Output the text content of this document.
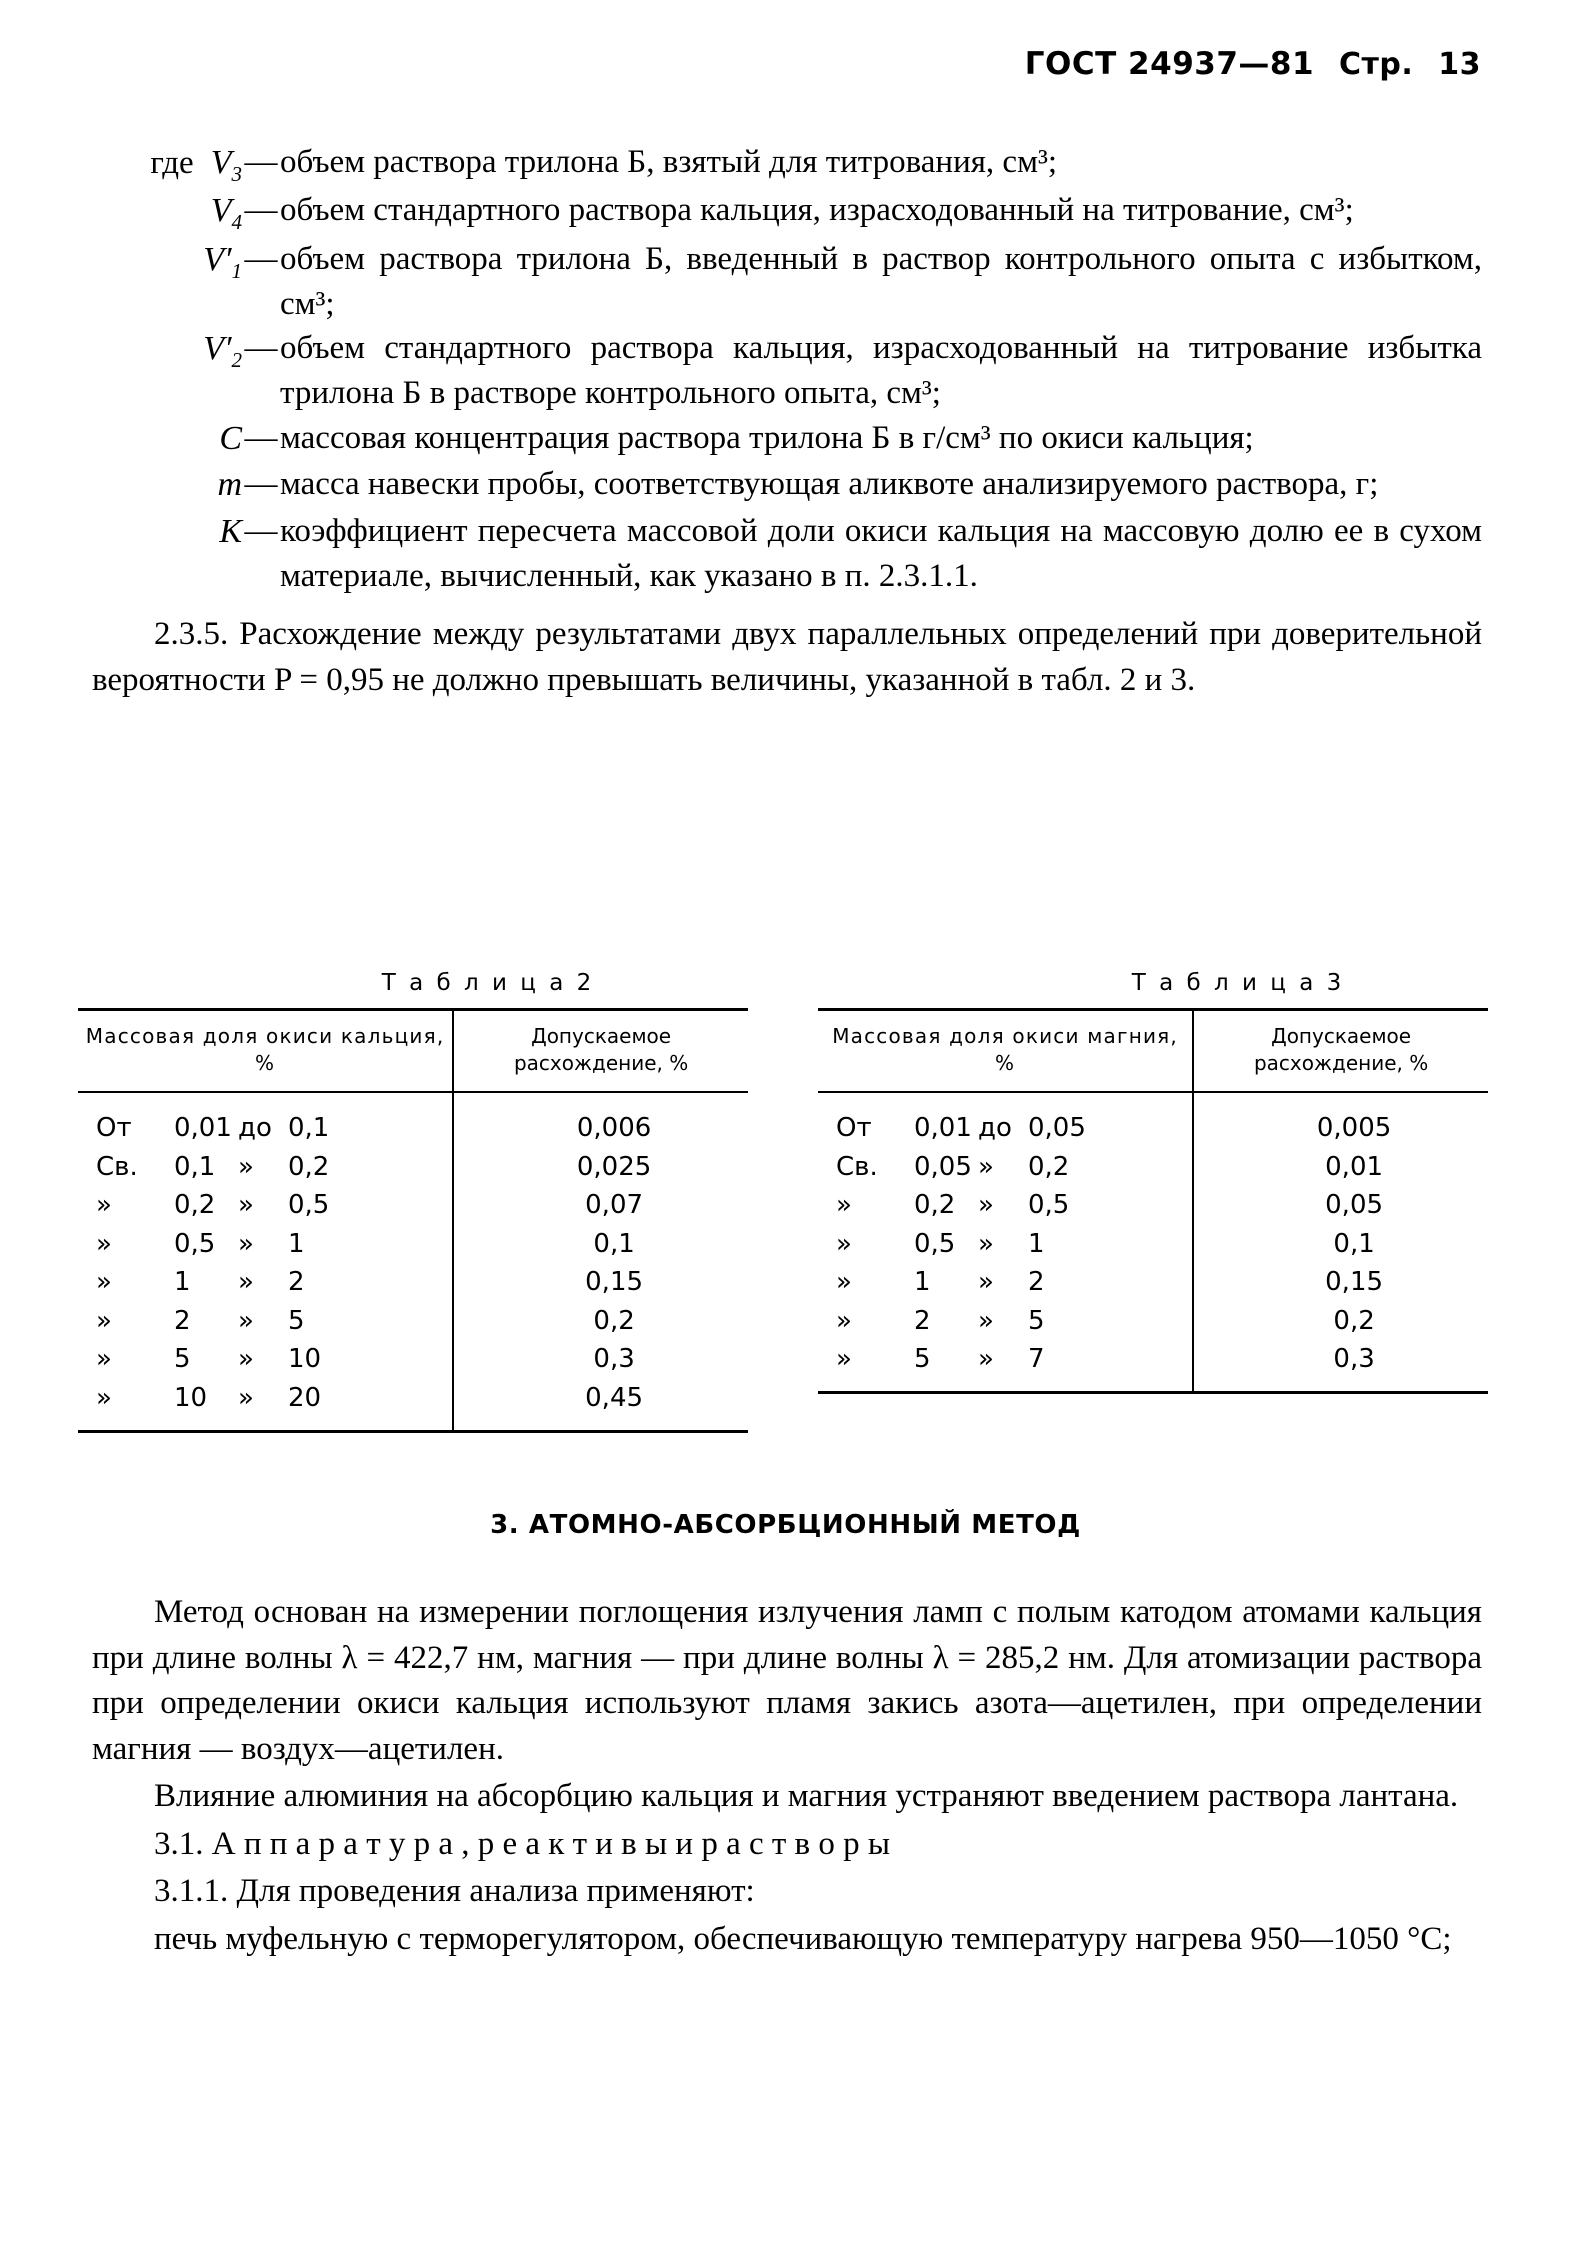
ГОСТ 24937—81 Стр. 13
где $V_3$	—	объем раствора трилона Б, взятый для титрования, см³;
$V_4$	—	объем стандартного раствора кальция, израсходованный на титрование, см³;
$V'_1$	—	объем раствора трилона Б, введенный в раствор контрольного опыта с избытком, см³;
$V'_2$	—	объем стандартного раствора кальция, израсходованный на титрование избытка трилона Б в растворе контрольного опыта, см³;
C	—	массовая концентрация раствора трилона Б в г/см³ по окиси кальция;
m	—	масса навески пробы, соответствующая аликвоте анализируемого раствора, г;
K	—	коэффициент пересчета массовой доли окиси кальция на массовую долю ее в сухом материале, вычисленный, как указано в п. 2.3.1.1.
2.3.5. Расхождение между результатами двух параллельных определений при доверительной вероятности P = 0,95 не должно превышать величины, указанной в табл. 2 и 3.
Т а б л и ц а 2
Массовая доля окиси кальция, %	Допускаемое расхождение, %
От 0,01 до 0,1	0,006
Св. 0,1 » 0,2	0,025
» 0,2 » 0,5	0,07
» 0,5 » 1	0,1
» 1 » 2	0,15
» 2 » 5	0,2
» 5 » 10	0,3
» 10 » 20	0,45

Т а б л и ц а 3
Массовая доля окиси магния, %	Допускаемое расхождение, %
От 0,01 до 0,05	0,005
Св. 0,05 » 0,2	0,01
» 0,2 » 0,5	0,05
» 0,5 » 1	0,1
» 1 » 2	0,15
» 2 » 5	0,2
» 5 » 7	0,3
3. АТОМНО-АБСОРБЦИОННЫЙ МЕТОД

Метод основан на измерении поглощения излучения ламп с полым катодом атомами кальция при длине волны λ = 422,7 нм, магния — при длине волны λ = 285,2 нм. Для атомизации раствора при определении окиси кальция используют пламя закись азота—ацетилен, при определении магния — воздух—ацетилен.

Влияние алюминия на абсорбцию кальция и магния устраняют введением раствора лантана.

3.1. А п п а р а т у р а , р е а к т и в ы и р а с т в о р ы

3.1.1. Для проведения анализа применяют:

печь муфельную с терморегулятором, обеспечивающую температуру нагрева 950—1050 °С;
